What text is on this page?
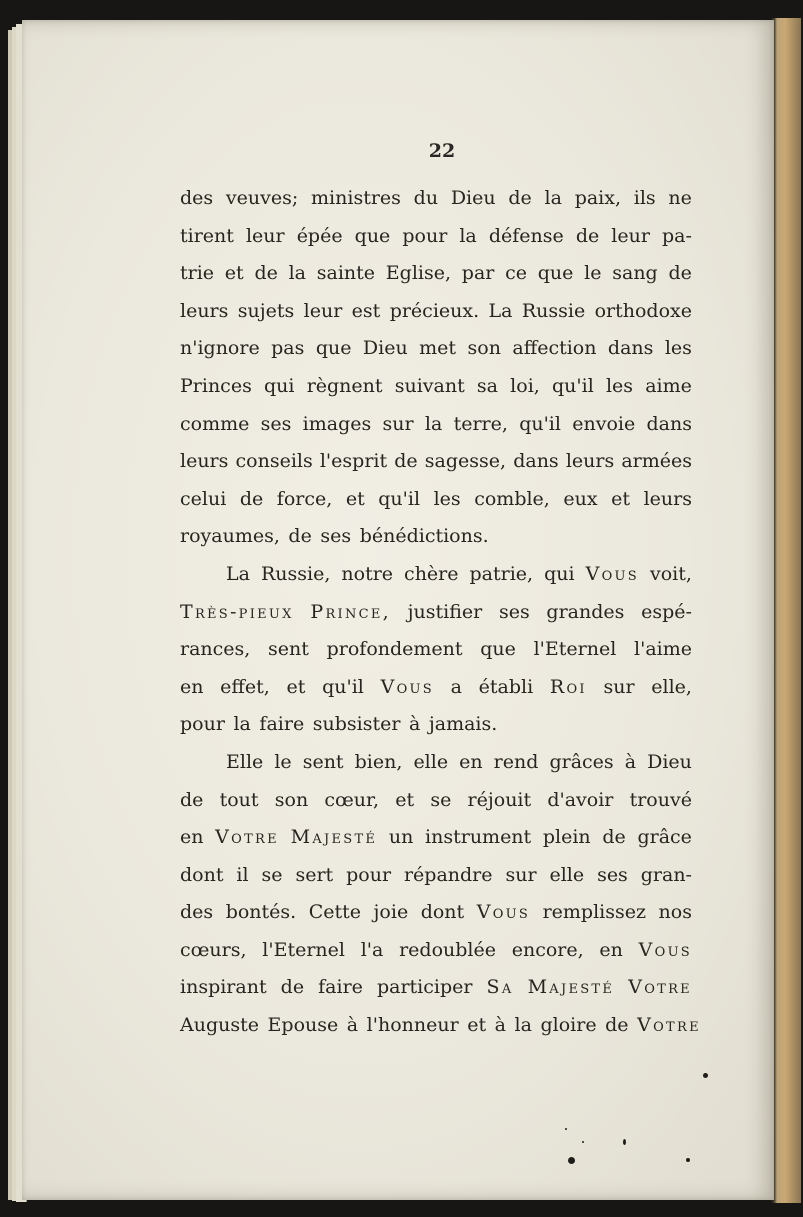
22
des veuves; ministres du Dieu de la paix, ils ne
tirent leur épée que pour la défense de leur pa-
trie et de la sainte Eglise, par ce que le sang de
leurs sujets leur est précieux. La Russie orthodoxe
n'ignore pas que Dieu met son affection dans les
Princes qui règnent suivant sa loi, qu'il les aime
comme ses images sur la terre, qu'il envoie dans
leurs conseils l'esprit de sagesse, dans leurs armées
celui de force, et qu'il les comble, eux et leurs
royaumes, de ses bénédictions.
La Russie, notre chère patrie, qui Vous voit,
Très-pieux Prince, justifier ses grandes espé-
rances, sent profondement que l'Eternel l'aime
en effet, et qu'il Vous a établi Roi sur elle,
pour la faire subsister à jamais.
Elle le sent bien, elle en rend grâces à Dieu
de tout son cœur, et se réjouit d'avoir trouvé
en Votre Majesté un instrument plein de grâce
dont il se sert pour répandre sur elle ses gran-
des bontés. Cette joie dont Vous remplissez nos
cœurs, l'Eternel l'a redoublée encore, en Vous
inspirant de faire participer Sa Majesté Votre
Auguste Epouse à l'honneur et à la gloire de Votre
